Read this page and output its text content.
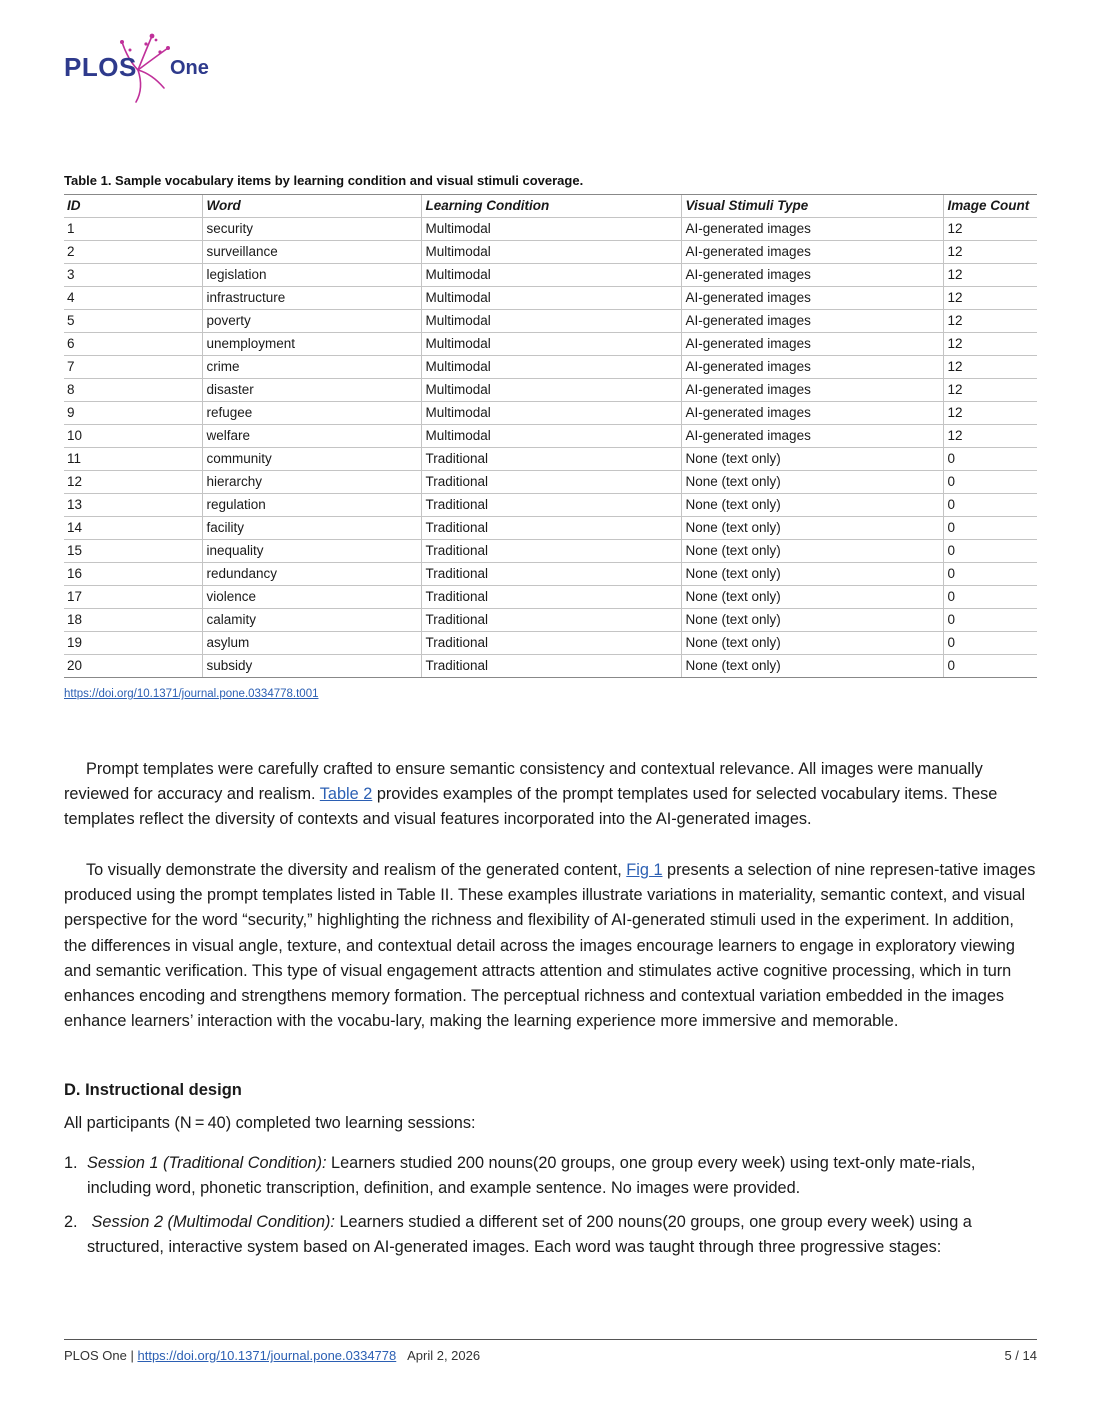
PLOS One
Table 1. Sample vocabulary items by learning condition and visual stimuli coverage.
ID	Word	Learning Condition	Visual Stimuli Type	Image Count
1	security	Multimodal	AI-generated images	12
2	surveillance	Multimodal	AI-generated images	12
3	legislation	Multimodal	AI-generated images	12
4	infrastructure	Multimodal	AI-generated images	12
5	poverty	Multimodal	AI-generated images	12
6	unemployment	Multimodal	AI-generated images	12
7	crime	Multimodal	AI-generated images	12
8	disaster	Multimodal	AI-generated images	12
9	refugee	Multimodal	AI-generated images	12
10	welfare	Multimodal	AI-generated images	12
11	community	Traditional	None (text only)	0
12	hierarchy	Traditional	None (text only)	0
13	regulation	Traditional	None (text only)	0
14	facility	Traditional	None (text only)	0
15	inequality	Traditional	None (text only)	0
16	redundancy	Traditional	None (text only)	0
17	violence	Traditional	None (text only)	0
18	calamity	Traditional	None (text only)	0
19	asylum	Traditional	None (text only)	0
20	subsidy	Traditional	None (text only)	0
https://doi.org/10.1371/journal.pone.0334778.t001
Prompt templates were carefully crafted to ensure semantic consistency and contextual relevance. All images were manually reviewed for accuracy and realism. Table 2 provides examples of the prompt templates used for selected vocabulary items. These templates reflect the diversity of contexts and visual features incorporated into the AI-generated images.
To visually demonstrate the diversity and realism of the generated content, Fig 1 presents a selection of nine represen-tative images produced using the prompt templates listed in Table II. These examples illustrate variations in materiality, semantic context, and visual perspective for the word “security,” highlighting the richness and flexibility of AI-generated stimuli used in the experiment. In addition, the differences in visual angle, texture, and contextual detail across the images encourage learners to engage in exploratory viewing and semantic verification. This type of visual engagement attracts attention and stimulates active cognitive processing, which in turn enhances encoding and strengthens memory formation. The perceptual richness and contextual variation embedded in the images enhance learners’ interaction with the vocabu-lary, making the learning experience more immersive and memorable.
D. Instructional design
All participants (N = 40) completed two learning sessions:
1. Session 1 (Traditional Condition): Learners studied 200 nouns(20 groups, one group every week) using text-only mate-rials, including word, phonetic transcription, definition, and example sentence. No images were provided.
2. Session 2 (Multimodal Condition): Learners studied a different set of 200 nouns(20 groups, one group every week) using a structured, interactive system based on AI-generated images. Each word was taught through three progressive stages:
PLOS One | https://doi.org/10.1371/journal.pone.0334778 April 2, 2026	5 / 14
